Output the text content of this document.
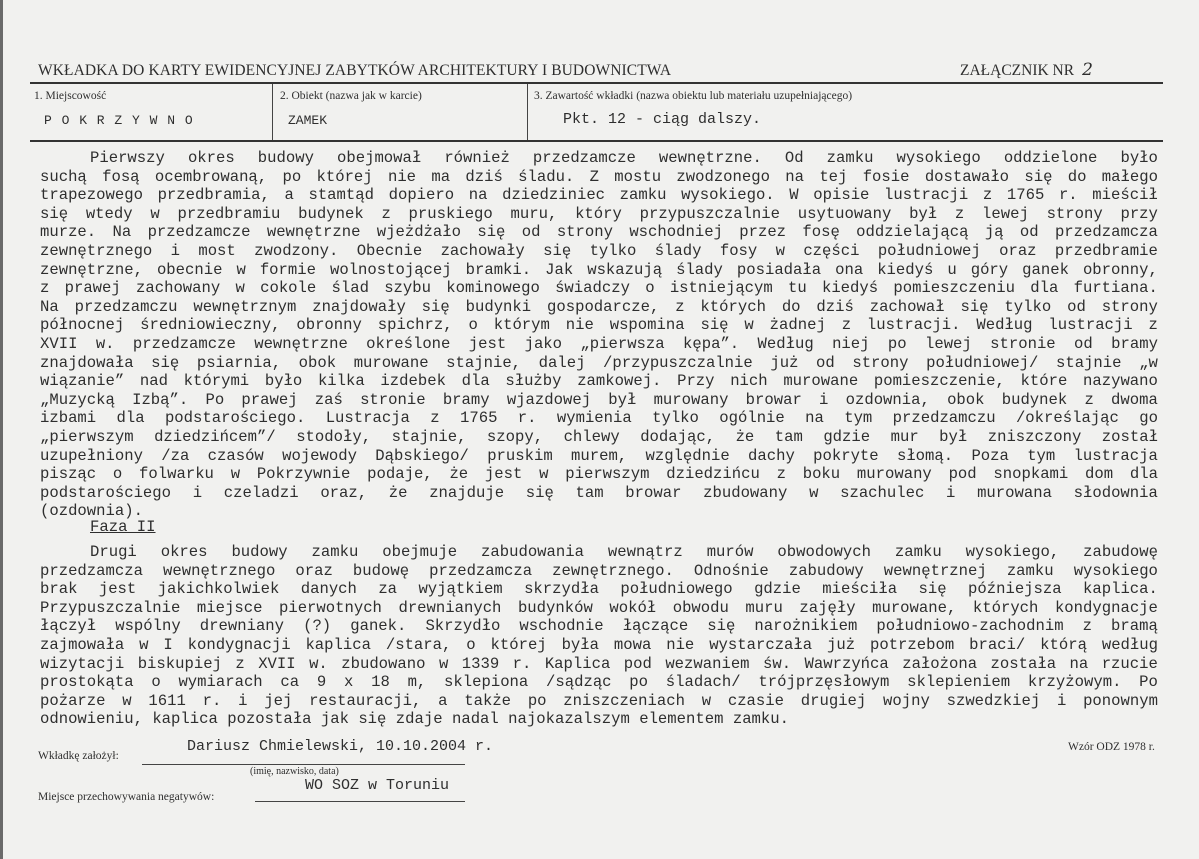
WKŁADKA DO KARTY EWIDENCYJNEJ ZABYTKÓW ARCHITEKTURY I BUDOWNICTWA	ZAŁĄCZNIK NR 2
1. Miejscowość
P O K R Z Y W N O
2. Obiekt (nazwa jak w karcie)
ZAMEK
3. Zawartość wkładki (nazwa obiektu lub materiału uzupełniającego)
Pkt. 12 - ciąg dalszy.
Pierwszy okres budowy obejmował również przedzamcze wewnętrzne. Od zamku wysokiego oddzielone było
suchą fosą ocembrowaną, po której nie ma dziś śladu. Z mostu zwodzonego na tej fosie dostawało się do małego
trapezowego przedbramia, a stamtąd dopiero na dziedziniec zamku wysokiego. W opisie lustracji z 1765 r. mieścił
się wtedy w przedbramiu budynek z pruskiego muru, który przypuszczalnie usytuowany był z lewej strony przy
murze. Na przedzamcze wewnętrzne wjeżdżało się od strony wschodniej przez fosę oddzielającą ją od przedzamcza
zewnętrznego i most zwodzony. Obecnie zachowały się tylko ślady fosy w części południowej oraz przedbramie
zewnętrzne, obecnie w formie wolnostojącej bramki. Jak wskazują ślady posiadała ona kiedyś u góry ganek obronny,
z prawej zachowany w cokole ślad szybu kominowego świadczy o istniejącym tu kiedyś pomieszczeniu dla furtiana.
Na przedzamczu wewnętrznym znajdowały się budynki gospodarcze, z których do dziś zachował się tylko od strony
północnej średniowieczny, obronny spichrz, o którym nie wspomina się w żadnej z lustracji. Według lustracji z
XVII w. przedzamcze wewnętrzne określone jest jako „pierwsza kępa”. Według niej po lewej stronie od bramy
znajdowała się psiarnia, obok murowane stajnie, dalej /przypuszczalnie już od strony południowej/ stajnie „w
wiązanie” nad którymi było kilka izdebek dla służby zamkowej. Przy nich murowane pomieszczenie, które nazywano
„Muzycką Izbą”. Po prawej zaś stronie bramy wjazdowej był murowany browar i ozdownia, obok budynek z dwoma
izbami dla podstarościego. Lustracja z 1765 r. wymienia tylko ogólnie na tym przedzamczu /określając go
„pierwszym dziedzińcem”/ stodoły, stajnie, szopy, chlewy dodając, że tam gdzie mur był zniszczony został
uzupełniony /za czasów wojewody Dąbskiego/ pruskim murem, względnie dachy pokryte słomą. Poza tym lustracja
pisząc o folwarku w Pokrzywnie podaje, że jest w pierwszym dziedzińcu z boku murowany pod snopkami dom dla
podstarościego i czeladzi oraz, że znajduje się tam browar zbudowany w szachulec i murowana słodownia
(ozdownia).
Faza II
Drugi okres budowy zamku obejmuje zabudowania wewnątrz murów obwodowych zamku wysokiego, zabudowę
przedzamcza wewnętrznego oraz budowę przedzamcza zewnętrznego. Odnośnie zabudowy wewnętrznej zamku wysokiego
brak jest jakichkolwiek danych za wyjątkiem skrzydła południowego gdzie mieściła się późniejsza kaplica.
Przypuszczalnie miejsce pierwotnych drewnianych budynków wokół obwodu muru zajęły murowane, których kondygnacje
łączył wspólny drewniany (?) ganek. Skrzydło wschodnie łączące się narożnikiem południowo-zachodnim z bramą
zajmowała w I kondygnacji kaplica /stara, o której była mowa nie wystarczała już potrzebom braci/ którą według
wizytacji biskupiej z XVII w. zbudowano w 1339 r. Kaplica pod wezwaniem św. Wawrzyńca założona została na rzucie
prostokąta o wymiarach ca 9 x 18 m, sklepiona /sądząc po śladach/ trójprzęsłowym sklepieniem krzyżowym. Po
pożarze w 1611 r. i jej restauracji, a także po zniszczeniach w czasie drugiej wojny szwedzkiej i ponownym
odnowieniu, kaplica pozostała jak się zdaje nadal najokazalszym elementem zamku.
Wkładkę założył:
Dariusz Chmielewski, 10.10.2004 r.
(imię, nazwisko, data)
WO SOZ w Toruniu
Miejsce przechowywania negatywów:
Wzór ODZ 1978 r.
